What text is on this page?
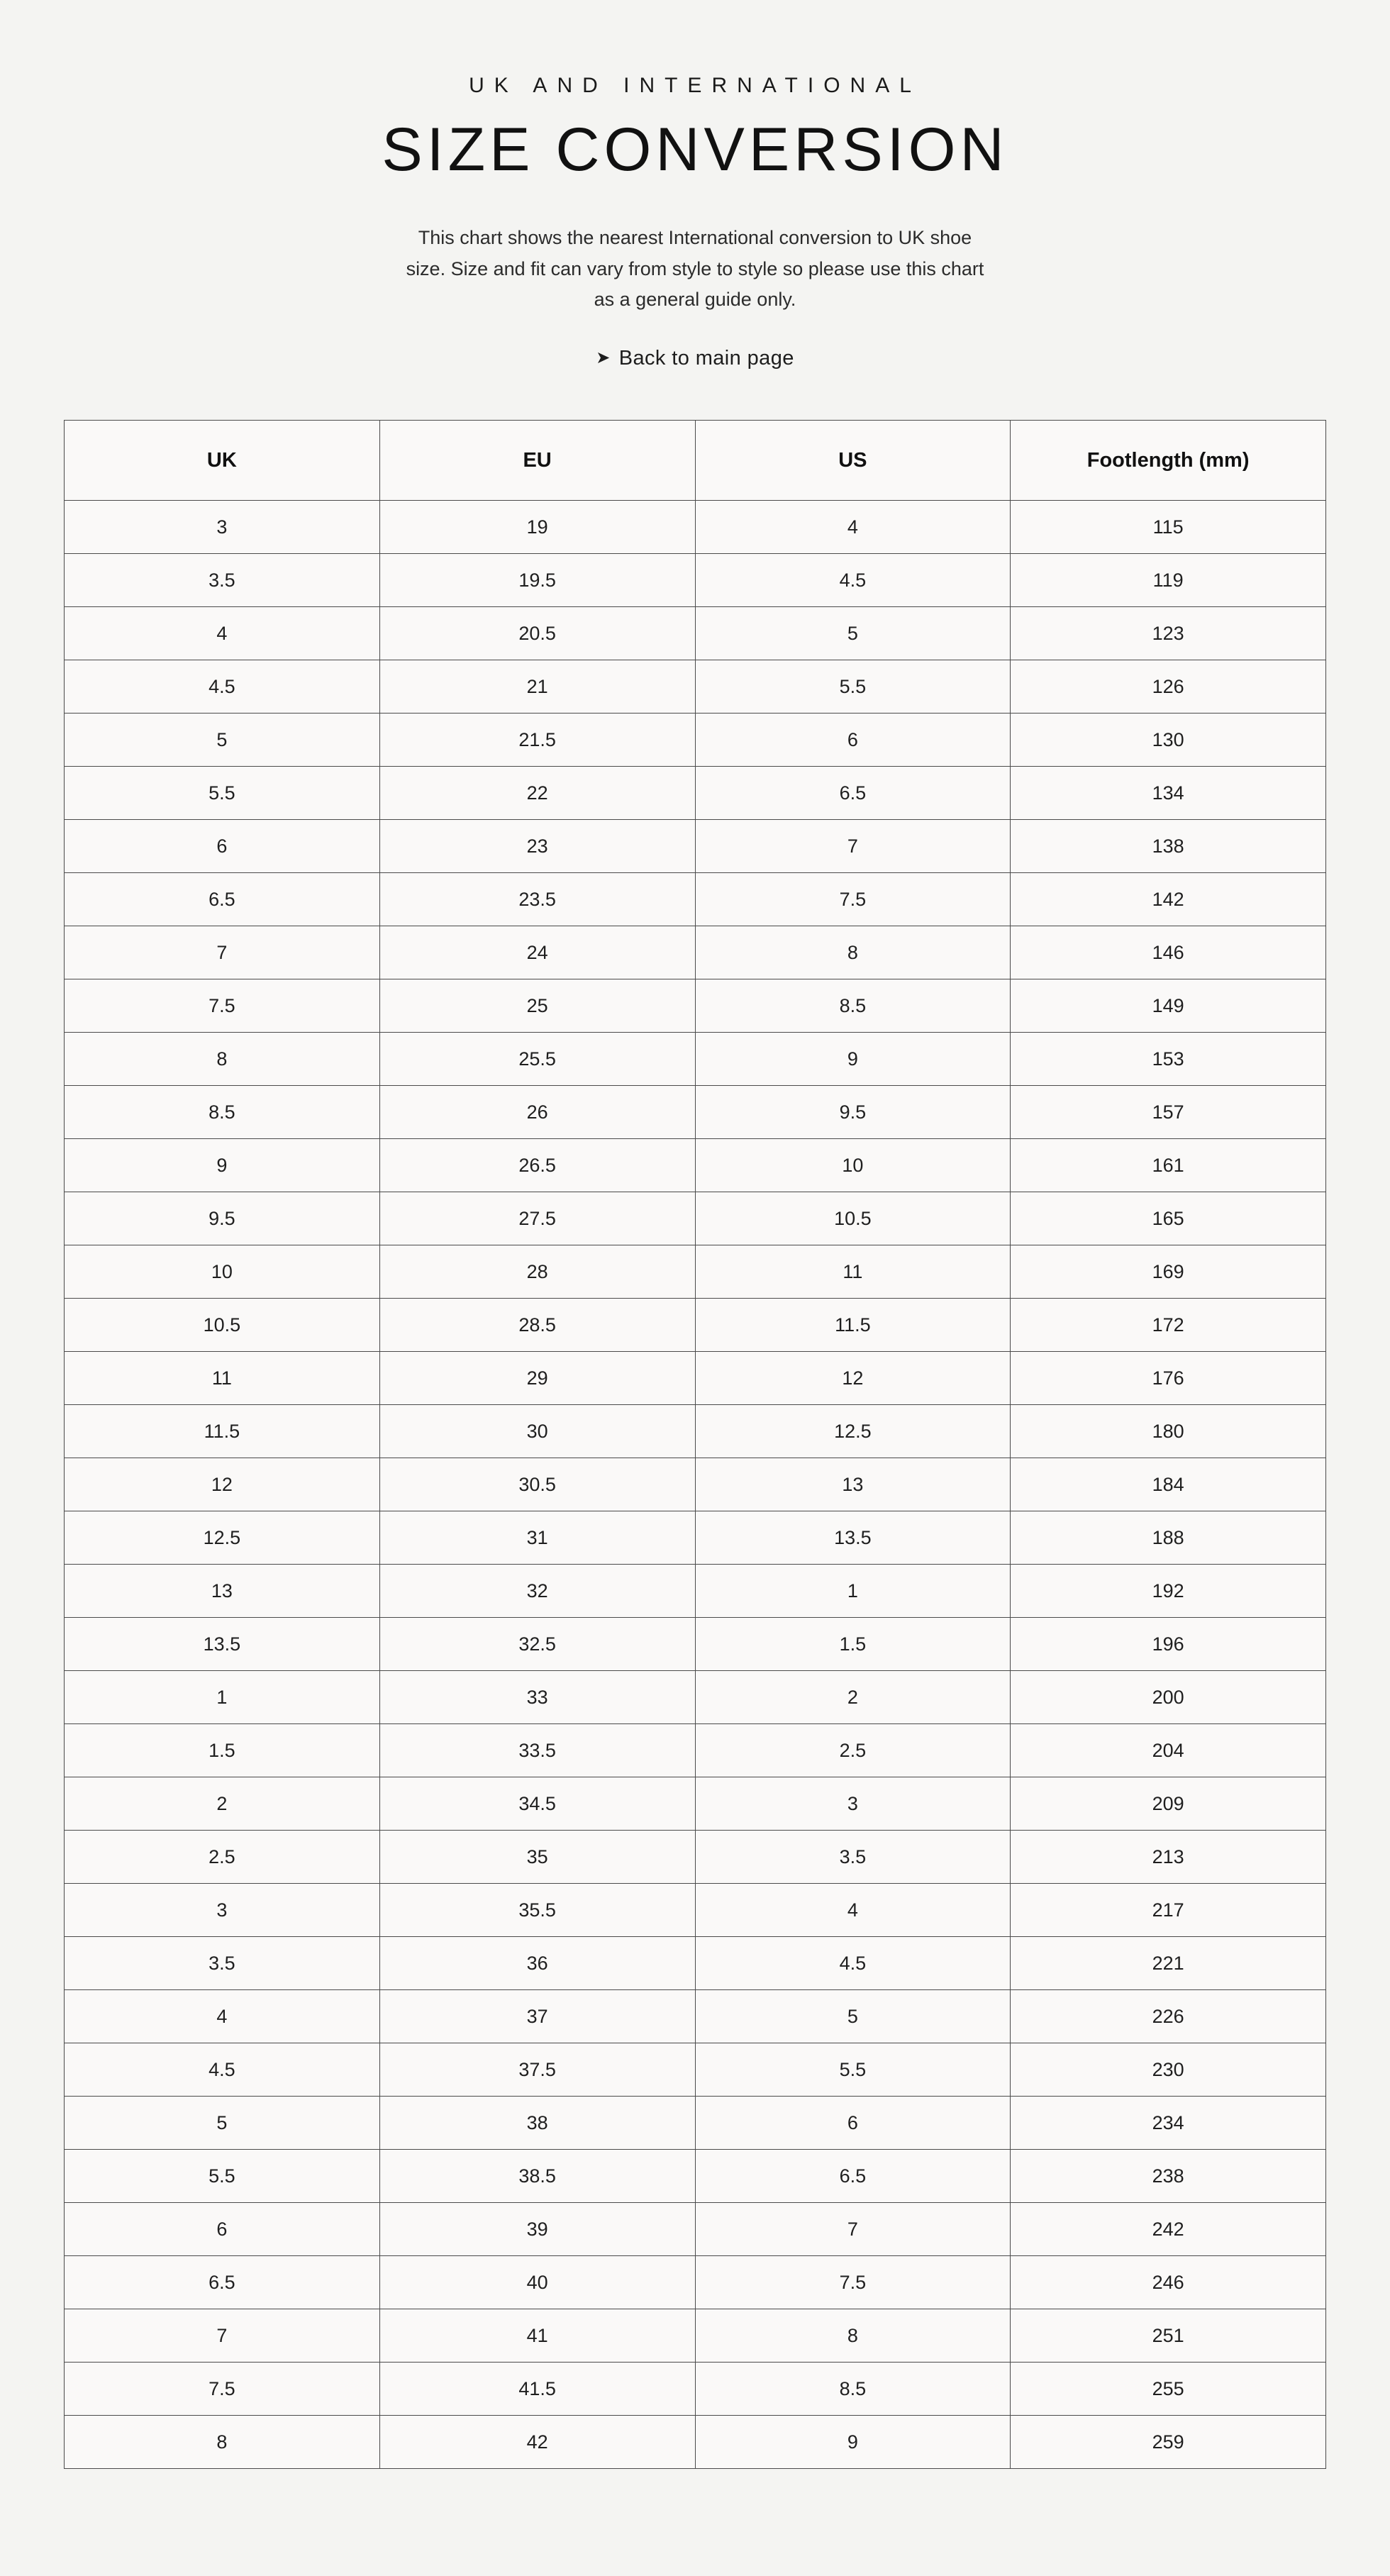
UK AND INTERNATIONAL
SIZE CONVERSION

This chart shows the nearest International conversion to UK shoe size. Size and fit can vary from style to style so please use this chart as a general guide only.

➤ Back to main page
UK	EU	US	Footlength (mm)
3	19	4	115
3.5	19.5	4.5	119
4	20.5	5	123
4.5	21	5.5	126
5	21.5	6	130
5.5	22	6.5	134
6	23	7	138
6.5	23.5	7.5	142
7	24	8	146
7.5	25	8.5	149
8	25.5	9	153
8.5	26	9.5	157
9	26.5	10	161
9.5	27.5	10.5	165
10	28	11	169
10.5	28.5	11.5	172
11	29	12	176
11.5	30	12.5	180
12	30.5	13	184
12.5	31	13.5	188
13	32	1	192
13.5	32.5	1.5	196
1	33	2	200
1.5	33.5	2.5	204
2	34.5	3	209
2.5	35	3.5	213
3	35.5	4	217
3.5	36	4.5	221
4	37	5	226
4.5	37.5	5.5	230
5	38	6	234
5.5	38.5	6.5	238
6	39	7	242
6.5	40	7.5	246
7	41	8	251
7.5	41.5	8.5	255
8	42	9	259
